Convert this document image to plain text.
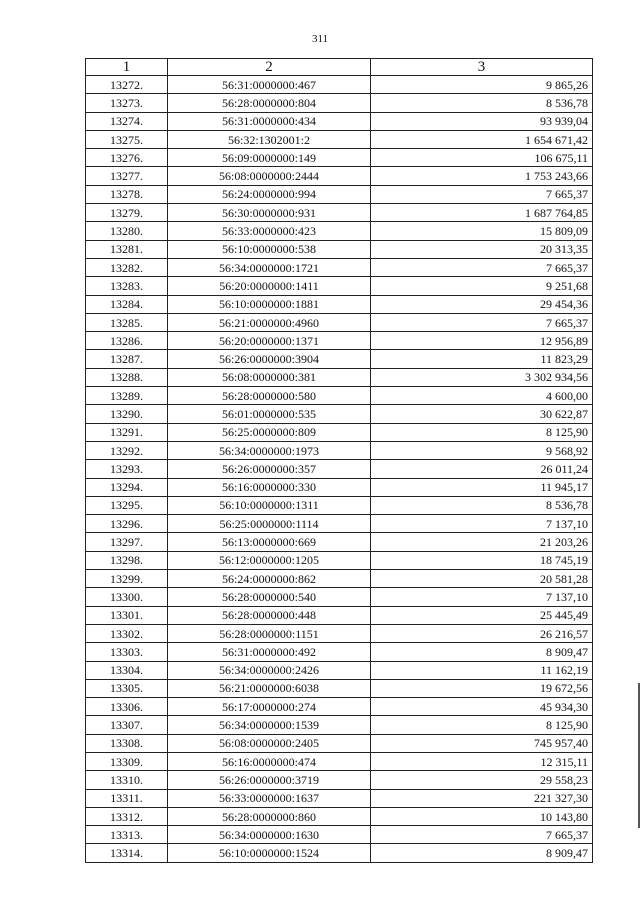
311
1	2	3
13272.	56:31:0000000:467	9 865,26
13273.	56:28:0000000:804	8 536,78
13274.	56:31:0000000:434	93 939,04
13275.	56:32:1302001:2	1 654 671,42
13276.	56:09:0000000:149	106 675,11
13277.	56:08:0000000:2444	1 753 243,66
13278.	56:24:0000000:994	7 665,37
13279.	56:30:0000000:931	1 687 764,85
13280.	56:33:0000000:423	15 809,09
13281.	56:10:0000000:538	20 313,35
13282.	56:34:0000000:1721	7 665,37
13283.	56:20:0000000:1411	9 251,68
13284.	56:10:0000000:1881	29 454,36
13285.	56:21:0000000:4960	7 665,37
13286.	56:20:0000000:1371	12 956,89
13287.	56:26:0000000:3904	11 823,29
13288.	56:08:0000000:381	3 302 934,56
13289.	56:28:0000000:580	4 600,00
13290.	56:01:0000000:535	30 622,87
13291.	56:25:0000000:809	8 125,90
13292.	56:34:0000000:1973	9 568,92
13293.	56:26:0000000:357	26 011,24
13294.	56:16:0000000:330	11 945,17
13295.	56:10:0000000:1311	8 536,78
13296.	56:25:0000000:1114	7 137,10
13297.	56:13:0000000:669	21 203,26
13298.	56:12:0000000:1205	18 745,19
13299.	56:24:0000000:862	20 581,28
13300.	56:28:0000000:540	7 137,10
13301.	56:28:0000000:448	25 445,49
13302.	56:28:0000000:1151	26 216,57
13303.	56:31:0000000:492	8 909,47
13304.	56:34:0000000:2426	11 162,19
13305.	56:21:0000000:6038	19 672,56
13306.	56:17:0000000:274	45 934,30
13307.	56:34:0000000:1539	8 125,90
13308.	56:08:0000000:2405	745 957,40
13309.	56:16:0000000:474	12 315,11
13310.	56:26:0000000:3719	29 558,23
13311.	56:33:0000000:1637	221 327,30
13312.	56:28:0000000:860	10 143,80
13313.	56:34:0000000:1630	7 665,37
13314.	56:10:0000000:1524	8 909,47
